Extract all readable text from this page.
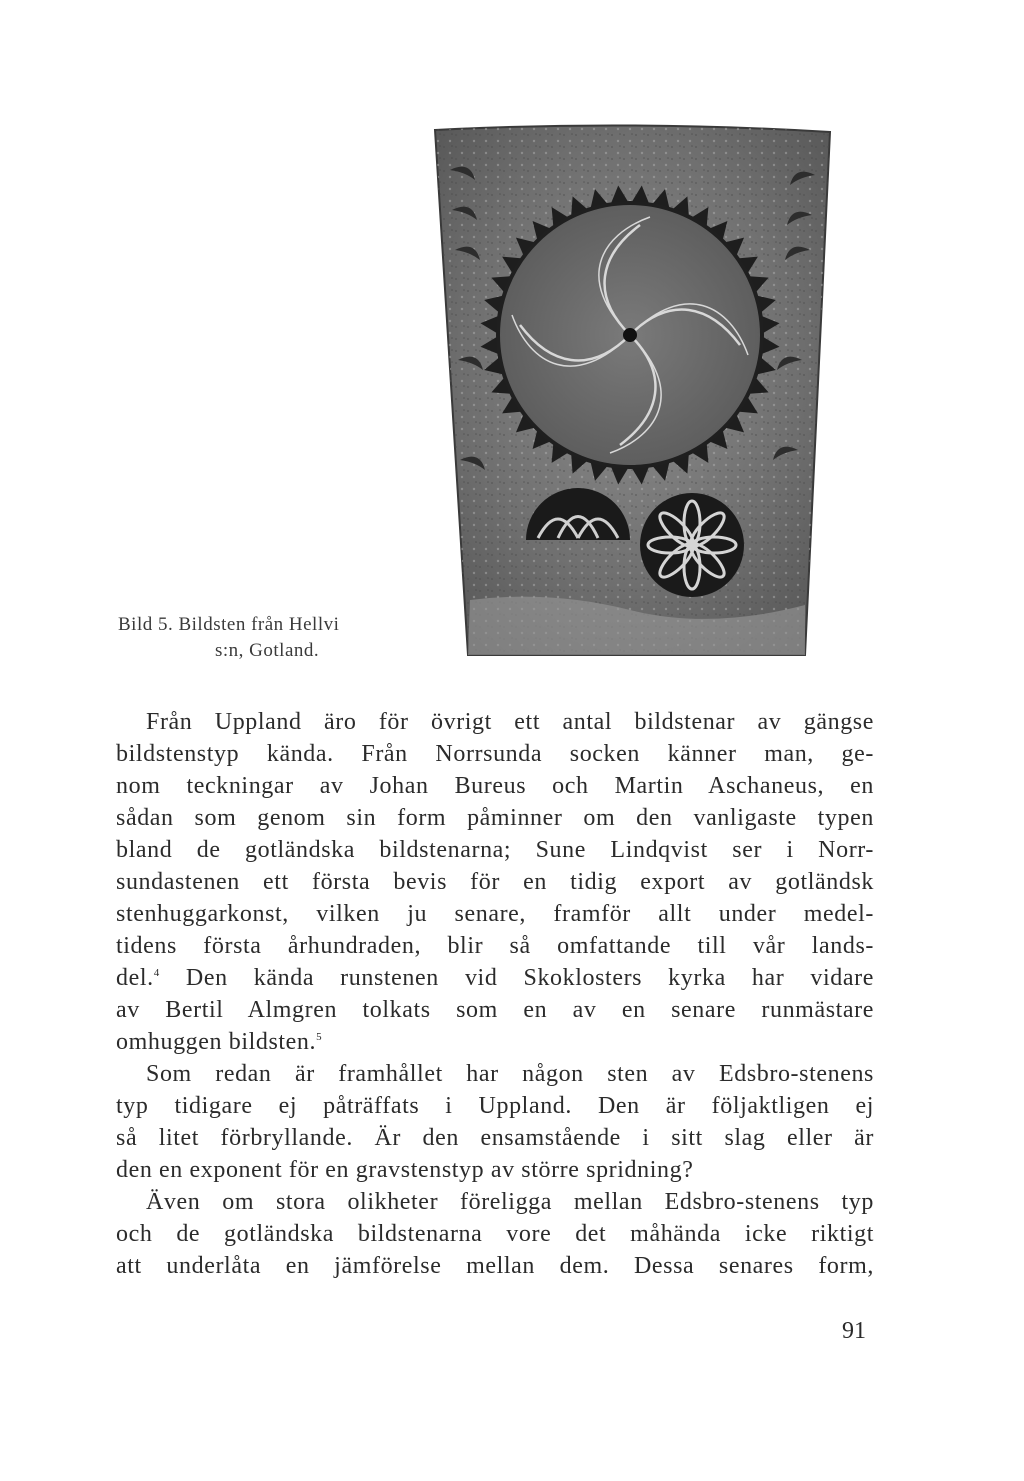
Bild 5. Bildsten från Hellvi
s:n, Gotland.
Från Uppland äro för övrigt ett antal bildstenar av gängse
bildstenstyp kända. Från Norrsunda socken känner man, ge-
nom teckningar av Johan Bureus och Martin Aschaneus, en
sådan som genom sin form påminner om den vanligaste typen
bland de gotländska bildstenarna; Sune Lindqvist ser i Norr-
sundastenen ett första bevis för en tidig export av gotländsk
stenhuggarkonst, vilken ju senare, framför allt under medel-
tidens första århundraden, blir så omfattande till vår lands-
del.$^4$ Den kända runstenen vid Skoklosters kyrka har vidare
av Bertil Almgren tolkats som en av en senare runmästare
omhuggen bildsten.$^5$
Som redan är framhållet har någon sten av Edsbro-stenens
typ tidigare ej påträffats i Uppland. Den är följaktligen ej
så litet förbryllande. Är den ensamstående i sitt slag eller är
den en exponent för en gravstenstyp av större spridning?
Även om stora olikheter föreligga mellan Edsbro-stenens typ
och de gotländska bildstenarna vore det måhända icke riktigt
att underlåta en jämförelse mellan dem. Dessa senares form,
91
